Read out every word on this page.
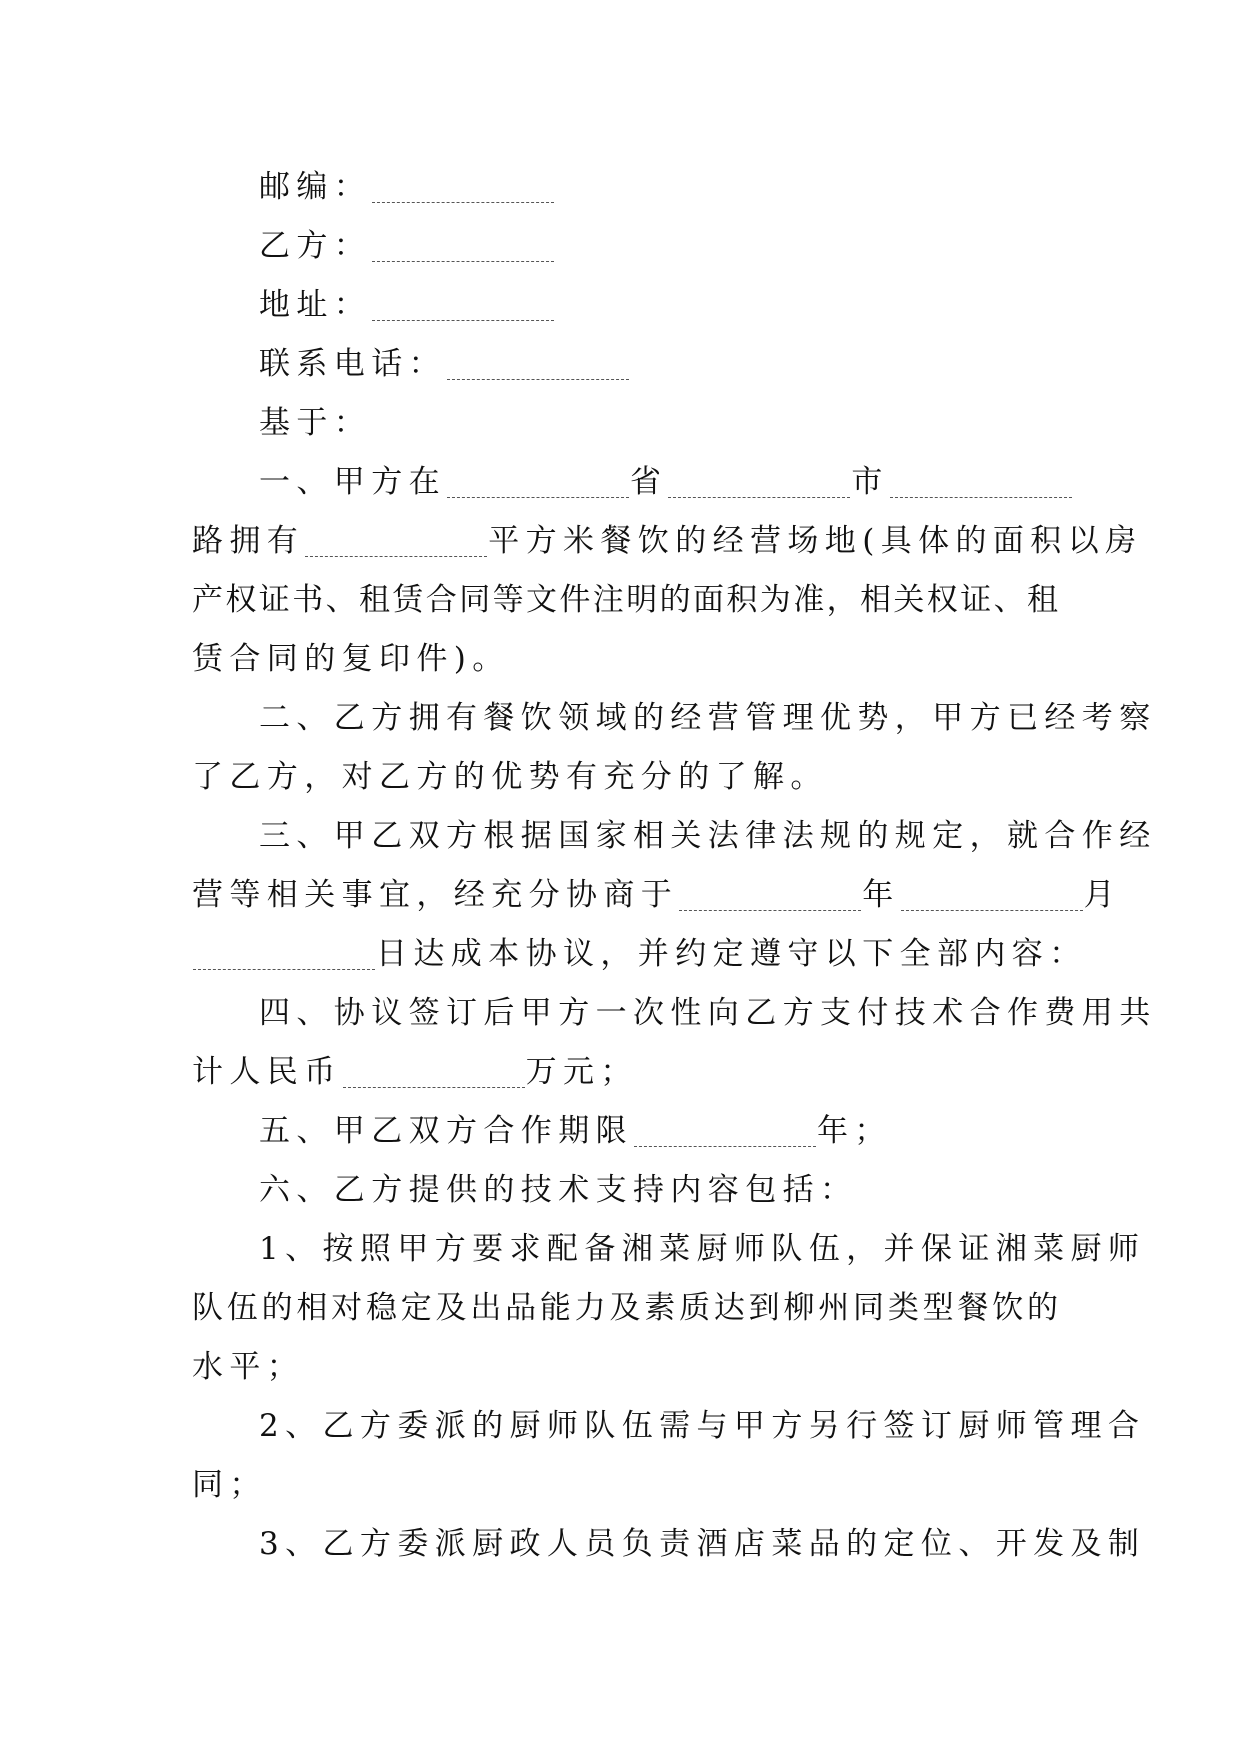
邮编：
乙方：
地址：
联系电话：
基于：
一、甲方在	省	市
路拥有	平方米餐饮的经营场地(具体的面积以房
产权证书、租赁合同等文件注明的面积为准，相关权证、租
赁合同的复印件)。
二、乙方拥有餐饮领域的经营管理优势，甲方已经考察
了乙方，对乙方的优势有充分的了解。
三、甲乙双方根据国家相关法律法规的规定，就合作经
营等相关事宜，经充分协商于	年	月
日达成本协议，并约定遵守以下全部内容：
四、协议签订后甲方一次性向乙方支付技术合作费用共
计人民币	万元；
五、甲乙双方合作期限	年；
六、乙方提供的技术支持内容包括：
1、按照甲方要求配备湘菜厨师队伍，并保证湘菜厨师
队伍的相对稳定及出品能力及素质达到柳州同类型餐饮的
水平；
2、乙方委派的厨师队伍需与甲方另行签订厨师管理合
同；
3、乙方委派厨政人员负责酒店菜品的定位、开发及制
